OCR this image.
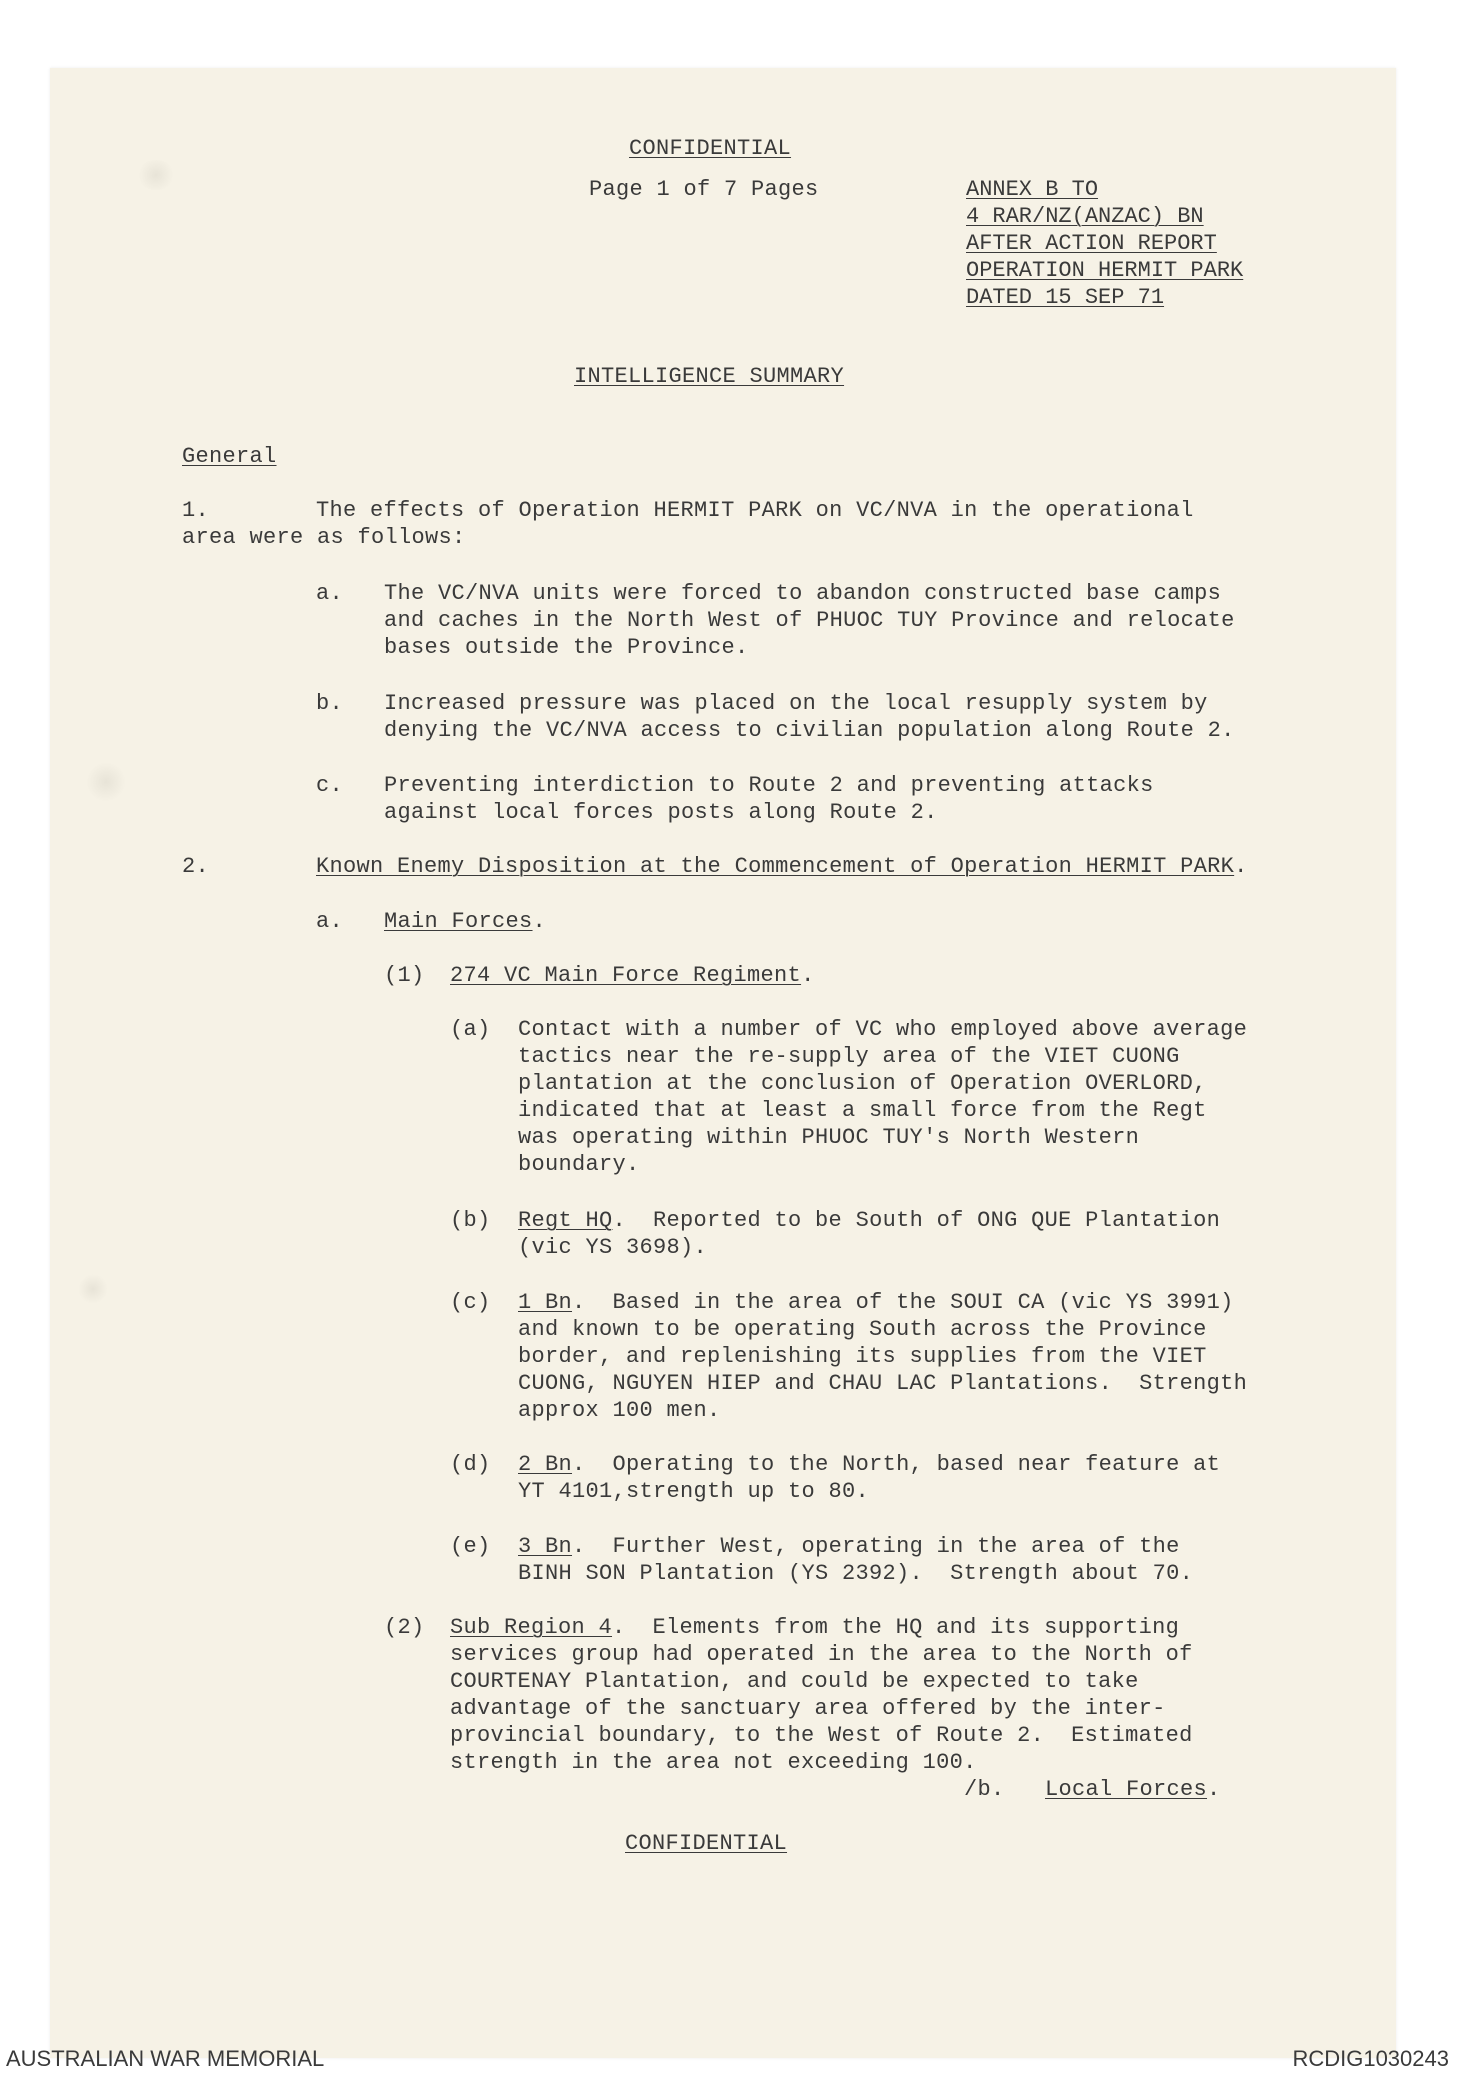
CONFIDENTIAL
Page 1 of 7 Pages	ANNEX B TO
4 RAR/NZ(ANZAC) BN
AFTER ACTION REPORT
OPERATION HERMIT PARK
DATED 15 SEP 71
INTELLIGENCE SUMMARY
General
1.	The effects of Operation HERMIT PARK on VC/NVA in the operational
area were as follows:
a. The VC/NVA units were forced to abandon constructed base camps
and caches in the North West of PHUOC TUY Province and relocate
bases outside the Province.
b. Increased pressure was placed on the local resupply system by
denying the VC/NVA access to civilian population along Route 2.
c. Preventing interdiction to Route 2 and preventing attacks
against local forces posts along Route 2.
2.	Known Enemy Disposition at the Commencement of Operation HERMIT PARK.
a. Main Forces.
(1) 274 VC Main Force Regiment.
(a) Contact with a number of VC who employed above average
tactics near the re-supply area of the VIET CUONG
plantation at the conclusion of Operation OVERLORD,
indicated that at least a small force from the Regt
was operating within PHUOC TUY's North Western
boundary.
(b) Regt HQ.  Reported to be South of ONG QUE Plantation
(vic YS 3698).
(c) 1 Bn.  Based in the area of the SOUI CA (vic YS 3991)
and known to be operating South across the Province
border, and replenishing its supplies from the VIET
CUONG, NGUYEN HIEP and CHAU LAC Plantations.  Strength
approx 100 men.
(d) 2 Bn.  Operating to the North, based near feature at
YT 4101,strength up to 80.
(e) 3 Bn.  Further West, operating in the area of the
BINH SON Plantation (YS 2392).  Strength about 70.
(2) Sub Region 4.  Elements from the HQ and its supporting
services group had operated in the area to the North of
COURTENAY Plantation, and could be expected to take
advantage of the sanctuary area offered by the inter-
provincial boundary, to the West of Route 2.  Estimated
strength in the area not exceeding 100.
/b. Local Forces.
CONFIDENTIAL
AUSTRALIAN WAR MEMORIAL	RCDIG1030243
